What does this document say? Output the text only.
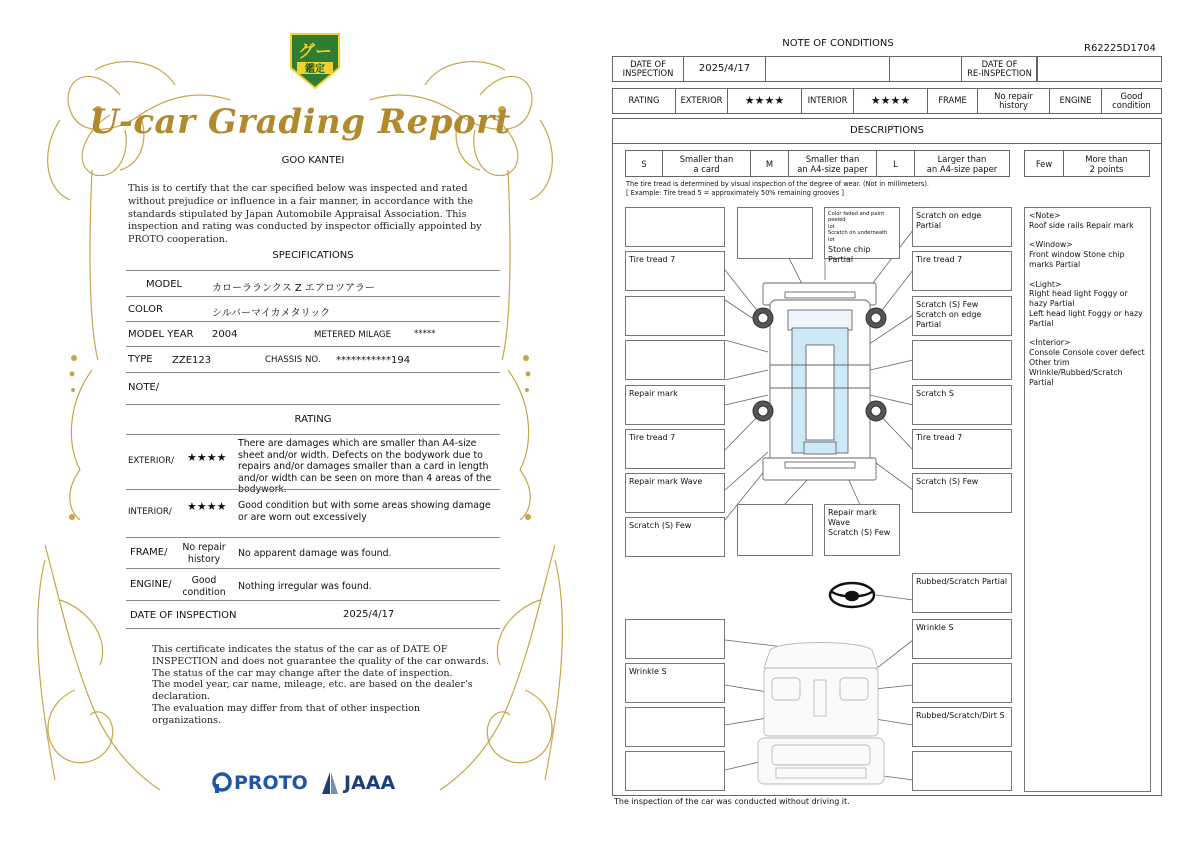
グー
鑑定
U-car Grading Report
GOO KANTEI
This is to certify that the car specified below was inspected and rated without prejudice or influence in a fair manner, in accordance with the standards stipulated by Japan Automobile Appraisal Association. This inspection and rating was conducted by inspector officially appointed by PROTO cooperation.
SPECIFICATIONS
MODEL	カローラランクス Z エアロツアラー
COLOR	シルバーマイカメタリック
MODEL YEAR 2004	METERED MILAGE	*****
TYPE ZZE123	CHASSIS NO. ***********194
NOTE/
RATING
EXTERIOR/ ★★★★
There are damages which are smaller than A4-size sheet and/or width. Defects on the bodywork due to repairs and/or damages smaller than a card in length and/or width can be seen on more than 4 areas of the bodywork.
INTERIOR/ ★★★★ Good condition but with some areas showing damage or are worn out excessively
FRAME/	No repair
history
No apparent damage was found.
ENGINE/	Good
condition
Nothing irregular was found.
DATE OF INSPECTION	2025/4/17
This certificate indicates the status of the car as of DATE OF INSPECTION and does not guarantee the quality of the car onwards.
The status of the car may change after the date of inspection.
The model year, car name, mileage, etc. are based on the dealer's declaration.
The evaluation may differ from that of other inspection organizations.
PROTO JAAA
NOTE OF CONDITIONS	R62225D1704
DATE OF
INSPECTION	2025/4/17	DATE OF
RE-INSPECTION
RATING	EXTERIOR	★★★★	INTERIOR	★★★★	FRAME	No repair
history	ENGINE	Good
condition
DESCRIPTIONS
S	Smaller than
a card	M	Smaller than
an A4-size paper	L	Larger than
an A4-size paper	Few	More than
2 points
The tire tread is determined by visual inspection of the degree of wear. (Not in millimeters).
[ Example: Tire tread 5 = approximately 50% remaining grooves ]
Color faded and paint peeled
lot
Scratch on underneath
lot
Stone chip Partial
Scratch on edge Partial
Tire tread 7	Tire tread 7
Scratch (S) Few
Scratch on edge Partial
Repair mark	Scratch S
Tire tread 7	Tire tread 7
Repair mark Wave	Scratch (S) Few
Scratch (S) Few
Repair mark Wave
Scratch (S) Few
Rubbed/Scratch Partial
Wrinkle S
Wrinkle S
Rubbed/Scratch/Dirt S

<Note>
Roof side rails Repair mark

<Window>
Front window Stone chip marks Partial

<Light>
Right head light Foggy or hazy Partial
Left head light Foggy or hazy Partial

<Interior>
Console Console cover defect
Other trim Wrinkle/Rubbed/Scratch Partial

The inspection of the car was conducted without driving it.
